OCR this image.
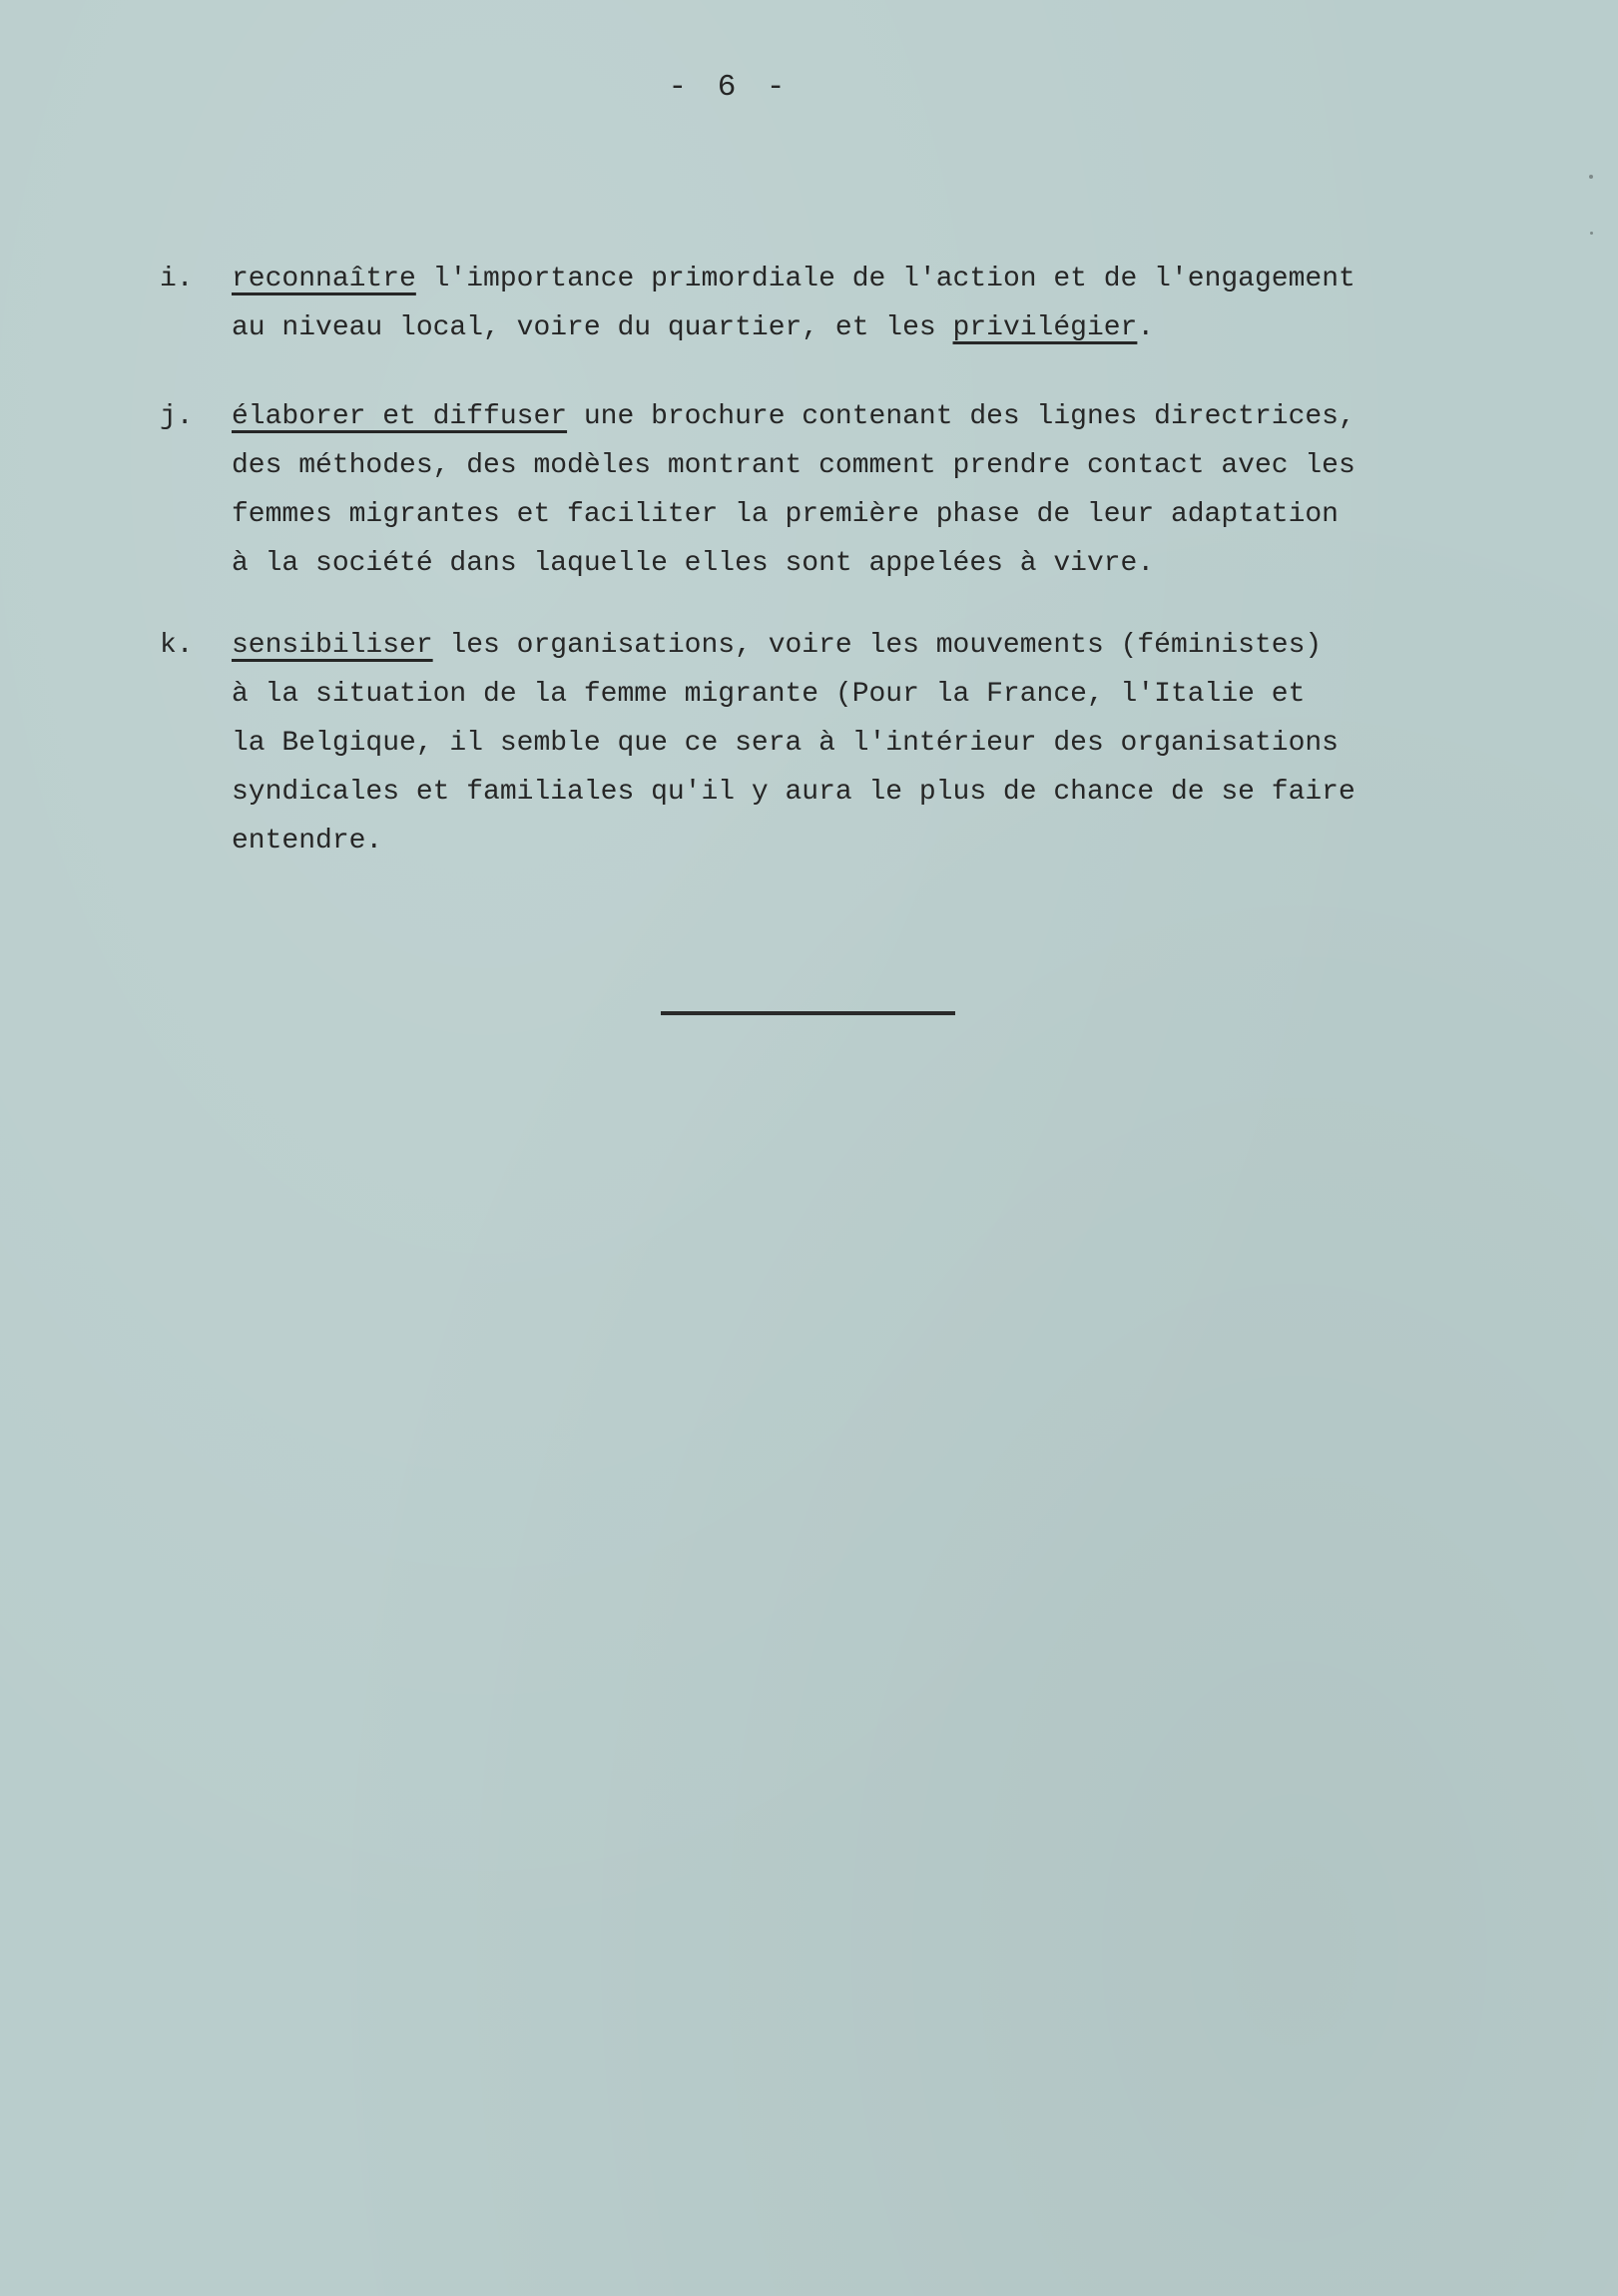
- 6 -
i. reconnaître l'importance primordiale de l'action et de l'engagement
au niveau local, voire du quartier, et les privilégier.
j. élaborer et diffuser une brochure contenant des lignes directrices,
des méthodes, des modèles montrant comment prendre contact avec les
femmes migrantes et faciliter la première phase de leur adaptation
à la société dans laquelle elles sont appelées à vivre.
k. sensibiliser les organisations, voire les mouvements (féministes)
à la situation de la femme migrante (Pour la France, l'Italie et
la Belgique, il semble que ce sera à l'intérieur des organisations
syndicales et familiales qu'il y aura le plus de chance de se faire
entendre.
